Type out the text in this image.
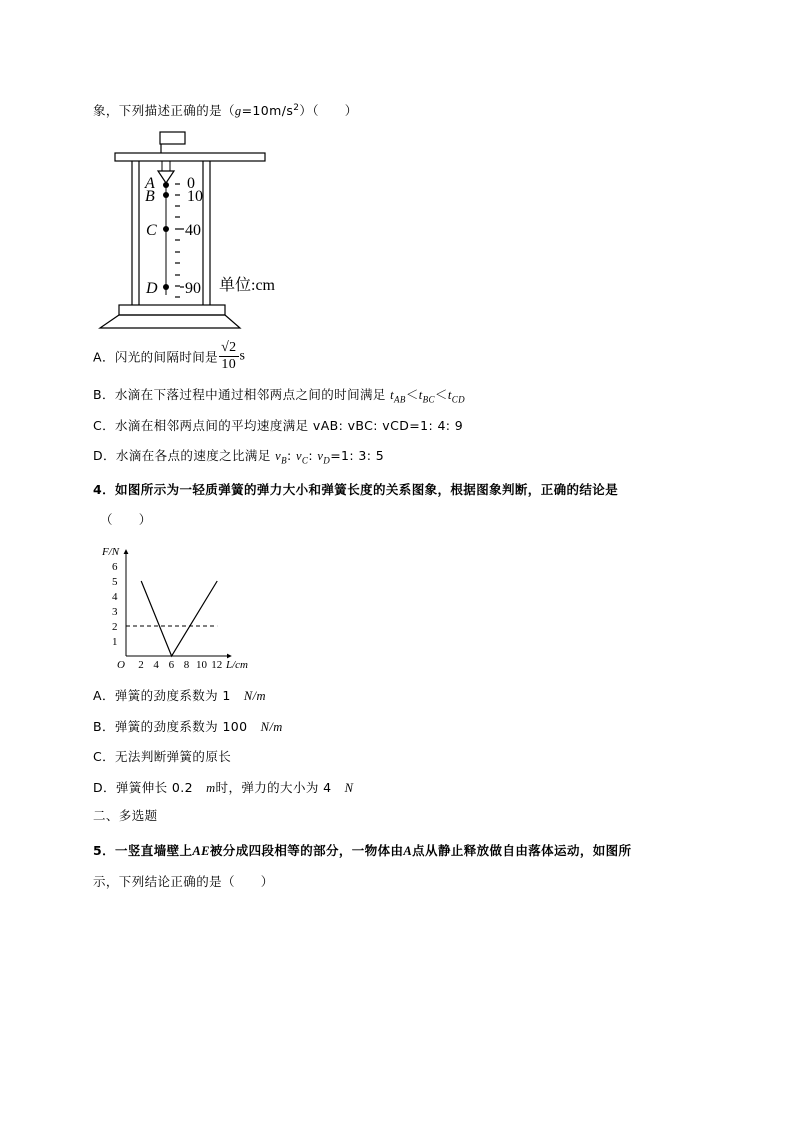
象，下列描述正确的是$(g=10m/s^2)$（　　）
A
B
C
D
0
10
40
90 单位:cm
A．闪光的间隔时间是 $\frac{√2}{10}$ s
B．水滴在下落过程中通过相邻两点之间的时间满足 $t_{AB}<t_{BC}<t_{CD}$
C．水滴在相邻两点间的平均速度满足 vAB: vBC: vCD=1: 4: 9
D．水滴在各点的速度之比满足 $v_B$: $v_C$: $v_D=1$: 3: 5
4．如图所示为一轻质弹簧的弹力大小和弹簧长度的关系图象，根据图象判断，正确的结论是
（　　）
F/N
L/cm
O 2 4 6 8 10 12
1
2
3
4
5
6
A．弹簧的劲度系数为 1 N/m
B．弹簧的劲度系数为 100 N/m
C．无法判断弹簧的原长
D．弹簧伸长 0.2 m时，弹力的大小为 4 N
二、多选题
5．一竖直墙壁上AE被分成四段相等的部分，一物体由A点从静止释放做自由落体运动，如图所
示，下列结论正确的是（　　）
